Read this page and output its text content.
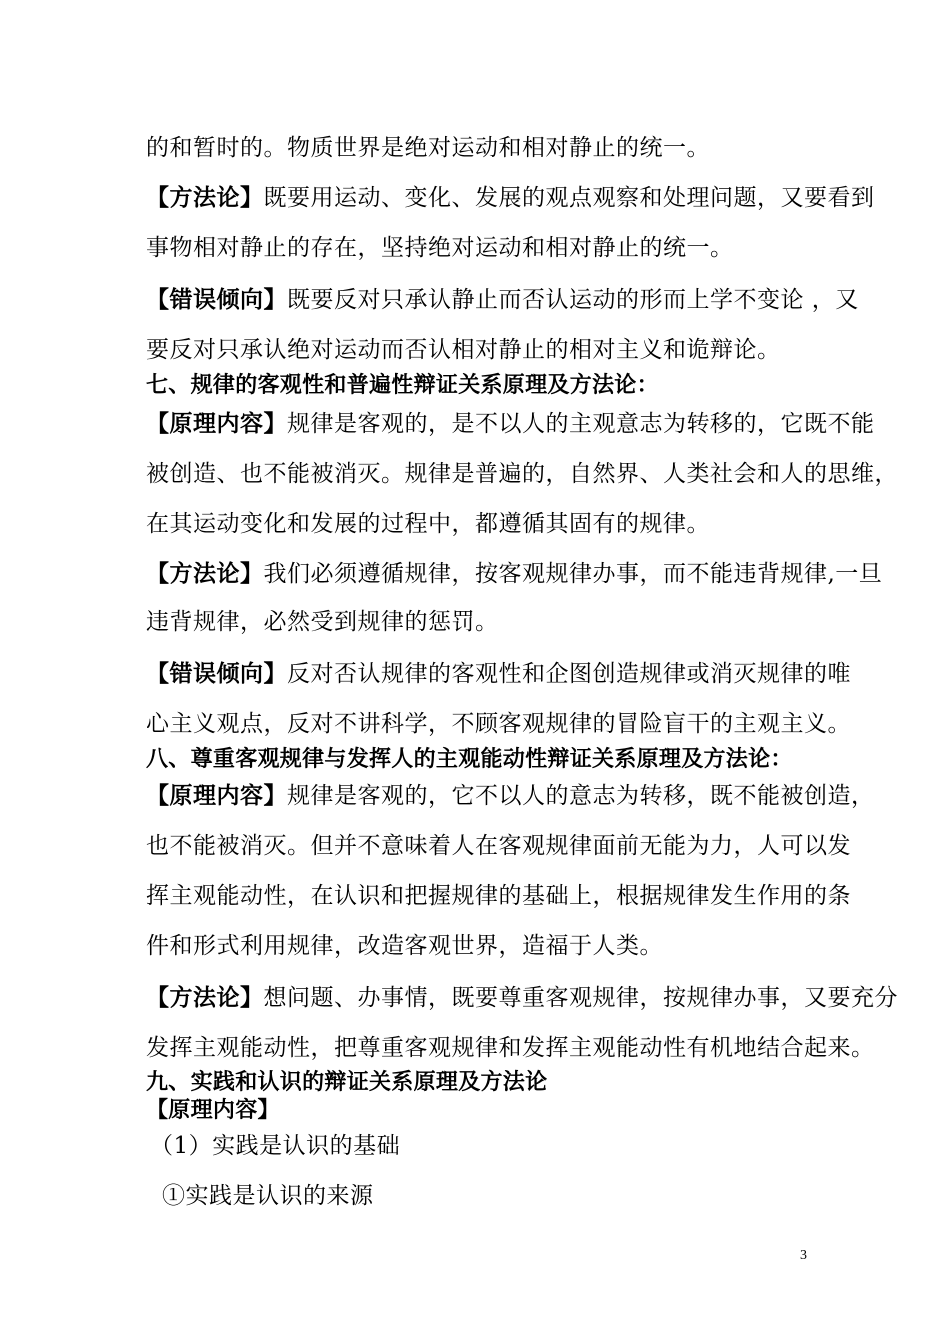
的和暂时的。物质世界是绝对运动和相对静止的统一。
【方法论】既要用运动、变化、发展的观点观察和处理问题，又要看到
事物相对静止的存在，坚持绝对运动和相对静止的统一。
【错误倾向】既要反对只承认静止而否认运动的形而上学不变论 ，又
要反对只承认绝对运动而否认相对静止的相对主义和诡辩论。
七、规律的客观性和普遍性辩证关系原理及方法论：
【原理内容】规律是客观的，是不以人的主观意志为转移的，它既不能
被创造、也不能被消灭。规律是普遍的，自然界、人类社会和人的思维，
在其运动变化和发展的过程中，都遵循其固有的规律。
【方法论】我们必须遵循规律，按客观规律办事，而不能违背规律,一旦
违背规律，必然受到规律的惩罚。
【错误倾向】反对否认规律的客观性和企图创造规律或消灭规律的唯
心主义观点，反对不讲科学，不顾客观规律的冒险盲干的主观主义。
八、尊重客观规律与发挥人的主观能动性辩证关系原理及方法论：
【原理内容】规律是客观的，它不以人的意志为转移，既不能被创造，
也不能被消灭。但并不意味着人在客观规律面前无能为力，人可以发
挥主观能动性，在认识和把握规律的基础上，根据规律发生作用的条
件和形式利用规律，改造客观世界，造福于人类。
【方法论】想问题、办事情，既要尊重客观规律，按规律办事，又要充分
发挥主观能动性，把尊重客观规律和发挥主观能动性有机地结合起来。
九、实践和认识的辩证关系原理及方法论
【原理内容】
（1）实践是认识的基础
①实践是认识的来源
3
